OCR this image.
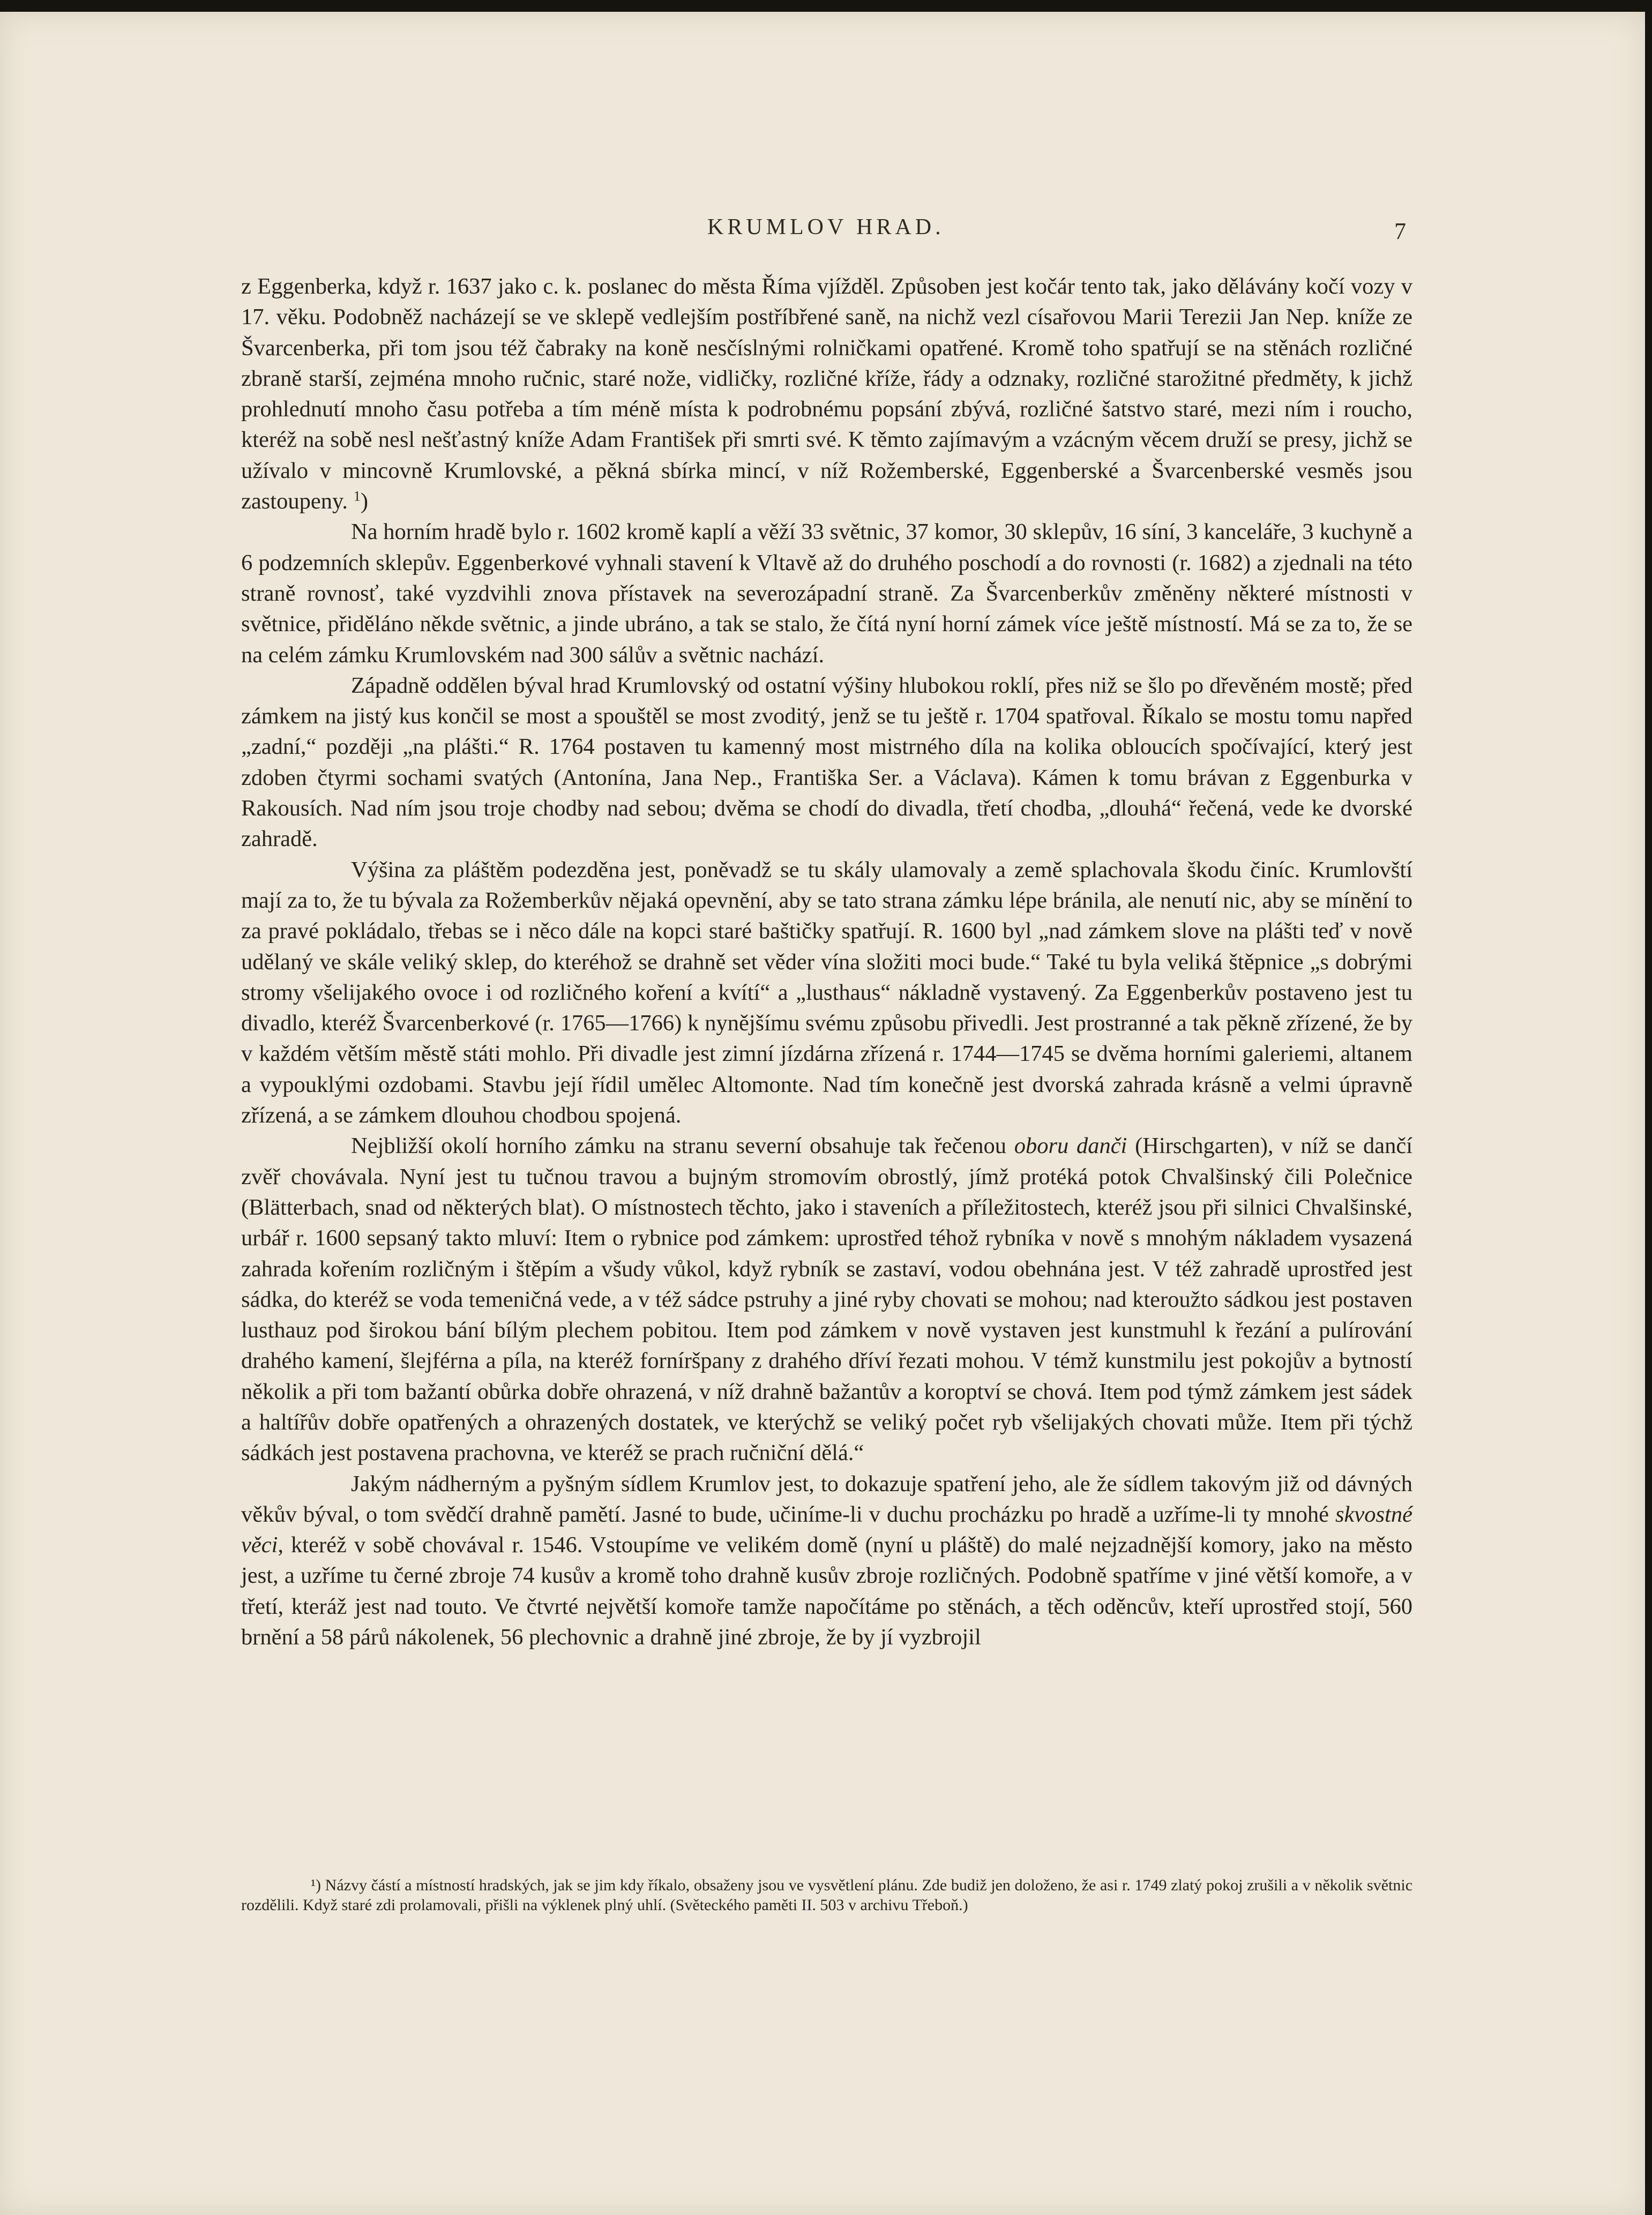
KRUMLOV HRAD.	7

z Eggenberka, když r. 1637 jako c. k. poslanec do města Říma vjížděl. Způsoben jest kočár tento tak, jako dělávány kočí vozy v 17. věku. Podobněž nacházejí se ve sklepě vedlejším postříbřené saně, na nichž vezl císařovou Marii Terezii Jan Nep. kníže ze Švarcenberka, při tom jsou též čabraky na koně nesčíslnými rolničkami opatřené. Kromě toho spatřují se na stěnách rozličné zbraně starší, zejména mnoho ručnic, staré nože, vidličky, rozličné kříže, řády a odznaky, rozličné starožitné předměty, k jichž prohlednutí mnoho času potřeba a tím méně místa k podrobnému popsání zbývá, rozličné šatstvo staré, mezi ním i roucho, kteréž na sobě nesl nešťastný kníže Adam František při smrti své. K těmto zajímavým a vzácným věcem druží se presy, jichž se užívalo v mincovně Krumlovské, a pěkná sbírka mincí, v níž Rožemberské, Eggenberské a Švarcenberské vesměs jsou zastoupeny. $^1$)

Na horním hradě bylo r. 1602 kromě kaplí a věží 33 světnic, 37 komor, 30 sklepův, 16 síní, 3 kanceláře, 3 kuchyně a 6 podzemních sklepův. Eggenberkové vyhnali stavení k Vltavě až do druhého poschodí a do rovnosti (r. 1682) a zjednali na této straně rovnosť, také vyzdvihli znova přístavek na severozápadní straně. Za Švarcenberkův změněny některé místnosti v světnice, přiděláno někde světnic, a jinde ubráno, a tak se stalo, že čítá nyní horní zámek více ještě místností. Má se za to, že se na celém zámku Krumlovském nad 300 sálův a světnic nachází.

Západně oddělen býval hrad Krumlovský od ostatní výšiny hlubokou roklí, přes niž se šlo po dřevěném mostě; před zámkem na jistý kus končil se most a spouštěl se most zvoditý, jenž se tu ještě r. 1704 spatřoval. Říkalo se mostu tomu napřed „zadní,“ později „na plášti.“ R. 1764 postaven tu kamenný most mistrného díla na kolika obloucích spočívající, který jest zdoben čtyrmi sochami svatých (Antonína, Jana Nep., Františka Ser. a Václava). Kámen k tomu brávan z Eggenburka v Rakousích. Nad ním jsou troje chodby nad sebou; dvěma se chodí do divadla, třetí chodba, „dlouhá“ řečená, vede ke dvorské zahradě.

Výšina za pláštěm podezděna jest, poněvadž se tu skály ulamovaly a země splachovala škodu činíc. Krumlovští mají za to, že tu bývala za Rožemberkův nějaká opevnění, aby se tato strana zámku lépe bránila, ale nenutí nic, aby se mínění to za pravé pokládalo, třebas se i něco dále na kopci staré baštičky spatřují. R. 1600 byl „nad zámkem slove na plášti teď v nově udělaný ve skále veliký sklep, do kteréhož se drahně set věder vína složiti moci bude.“ Také tu byla veliká štěpnice „s dobrými stromy všelijakého ovoce i od rozličného koření a kvítí“ a „lusthaus“ nákladně vystavený. Za Eggenberkův postaveno jest tu divadlo, kteréž Švarcenberkové (r. 1765—1766) k nynějšímu svému způsobu přivedli. Jest prostranné a tak pěkně zřízené, že by v každém větším městě státi mohlo. Při divadle jest zimní jízdárna zřízená r. 1744—1745 se dvěma horními galeriemi, altanem a vypouklými ozdobami. Stavbu její řídil umělec Altomonte. Nad tím konečně jest dvorská zahrada krásně a velmi úpravně zřízená, a se zámkem dlouhou chodbou spojená.

Nejbližší okolí horního zámku na stranu severní obsahuje tak řečenou oboru danči (Hirschgarten), v níž se dančí zvěř chovávala. Nyní jest tu tučnou travou a bujným stromovím obrostlý, jímž protéká potok Chvalšinský čili Polečnice (Blätterbach, snad od některých blat). O místnostech těchto, jako i staveních a příležitostech, kteréž jsou při silnici Chvalšinské, urbář r. 1600 sepsaný takto mluví: Item o rybnice pod zámkem: uprostřed téhož rybníka v nově s mnohým nákladem vysazená zahrada kořením rozličným i štěpím a všudy vůkol, když rybník se zastaví, vodou obehnána jest. V též zahradě uprostřed jest sádka, do kteréž se voda temeničná vede, a v též sádce pstruhy a jiné ryby chovati se mohou; nad kteroužto sádkou jest postaven lusthauz pod širokou bání bílým plechem pobitou. Item pod zámkem v nově vystaven jest kunstmuhl k řezání a pulírování drahého kamení, šlejférna a píla, na kteréž forníršpany z drahého dříví řezati mohou. V témž kunstmilu jest pokojův a bytností několik a při tom bažantí obůrka dobře ohrazená, v níž drahně bažantův a koroptví se chová. Item pod týmž zámkem jest sádek a haltířův dobře opatřených a ohrazených dostatek, ve kterýchž se veliký počet ryb všelijakých chovati může. Item při týchž sádkách jest postavena prachovna, ve kteréž se prach ručniční dělá.“

Jakým nádherným a pyšným sídlem Krumlov jest, to dokazuje spatření jeho, ale že sídlem takovým již od dávných věkův býval, o tom svědčí drahně pamětí. Jasné to bude, učiníme-li v duchu procházku po hradě a uzříme-li ty mnohé skvostné věci, kteréž v sobě chovával r. 1546. Vstoupíme ve velikém domě (nyní u pláště) do malé nejzadnější komory, jako na město jest, a uzříme tu černé zbroje 74 kusův a kromě toho drahně kusův zbroje rozličných. Podobně spatříme v jiné větší komoře, a v třetí, kteráž jest nad touto. Ve čtvrté největší komoře tamže napočítáme po stěnách, a těch oděncův, kteří uprostřed stojí, 560 brnění a 58 párů nákolenek, 56 plechovnic a drahně jiné zbroje, že by jí vyzbrojil

¹) Názvy částí a místností hradských, jak se jim kdy říkalo, obsaženy jsou ve vysvětlení plánu. Zde budiž jen doloženo, že asi r. 1749 zlatý pokoj zrušili a v několik světnic rozdělili. Když staré zdi prolamovali, přišli na výklenek plný uhlí. (Světeckého paměti II. 503 v archivu Třeboň.)
